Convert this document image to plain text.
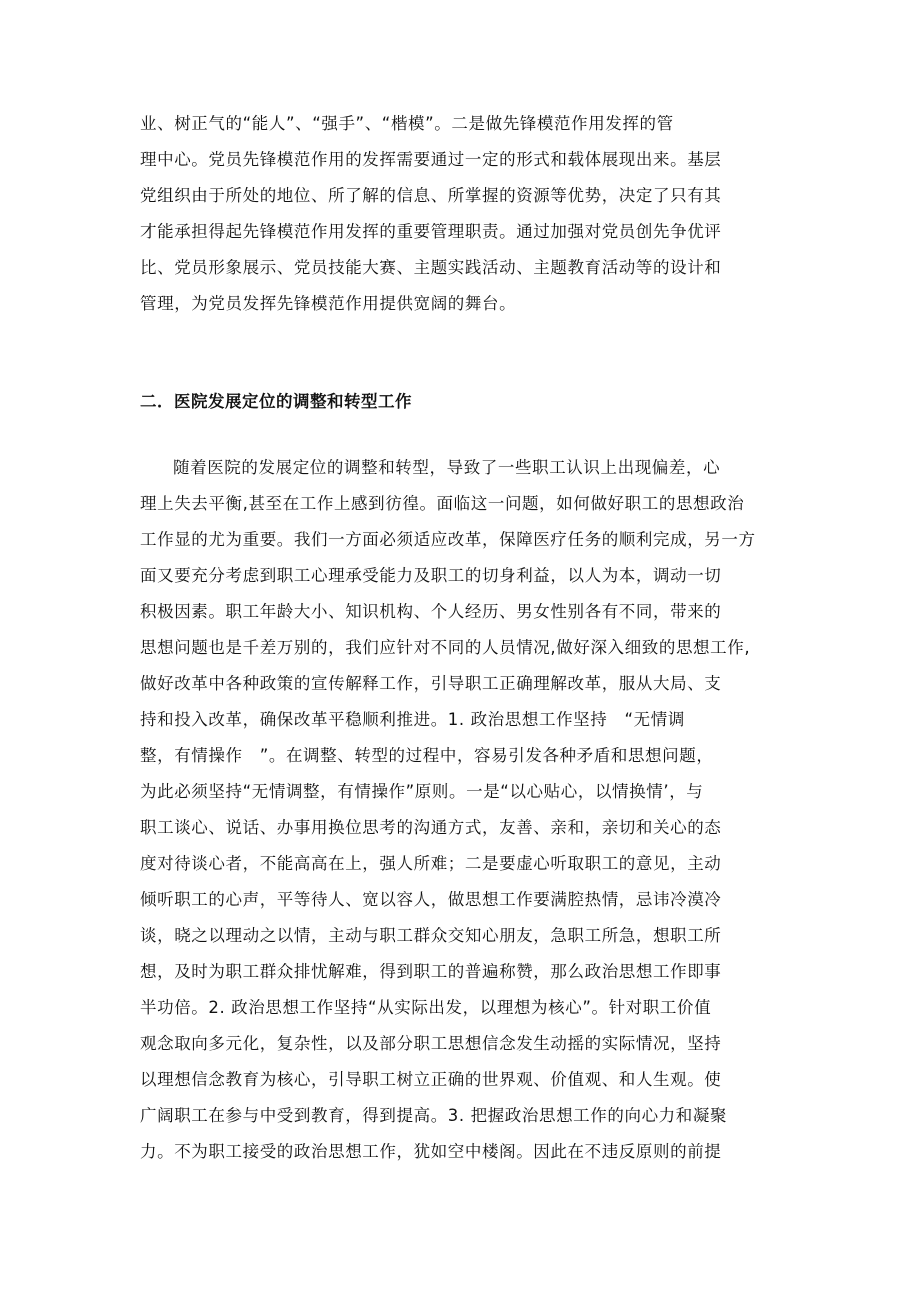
业、树正气的“能人”、“强手”、“楷模”。二是做先锋模范作用发挥的管
理中心。党员先锋模范作用的发挥需要通过一定的形式和载体展现出来。基层
党组织由于所处的地位、所了解的信息、所掌握的资源等优势，决定了只有其
才能承担得起先锋模范作用发挥的重要管理职责。通过加强对党员创先争优评
比、党员形象展示、党员技能大赛、主题实践活动、主题教育活动等的设计和
管理，为党员发挥先锋模范作用提供宽阔的舞台。
二．医院发展定位的调整和转型工作
随着医院的发展定位的调整和转型，导致了一些职工认识上出现偏差，心
理上失去平衡,甚至在工作上感到彷徨。面临这一问题，如何做好职工的思想政治
工作显的尤为重要。我们一方面必须适应改革，保障医疗任务的顺利完成，另一方
面又要充分考虑到职工心理承受能力及职工的切身利益，以人为本，调动一切
积极因素。职工年龄大小、知识机构、个人经历、男女性别各有不同，带来的
思想问题也是千差万别的，我们应针对不同的人员情况,做好深入细致的思想工作,
做好改革中各种政策的宣传解释工作，引导职工正确理解改革，服从大局、支
持和投入改革，确保改革平稳顺利推进。1. 政治思想工作坚持　“无情调
整，有情操作　”。在调整、转型的过程中，容易引发各种矛盾和思想问题，
为此必须坚持“无情调整，有情操作”原则。一是“以心贴心，以情换情’，与
职工谈心、说话、办事用换位思考的沟通方式，友善、亲和，亲切和关心的态
度对待谈心者，不能高高在上，强人所难；二是要虚心听取职工的意见，主动
倾听职工的心声，平等待人、宽以容人，做思想工作要满腔热情，忌讳冷漠冷
谈，晓之以理动之以情，主动与职工群众交知心朋友，急职工所急，想职工所
想，及时为职工群众排忧解难，得到职工的普遍称赞，那么政治思想工作即事
半功倍。2. 政治思想工作坚持“从实际出发，以理想为核心”。针对职工价值
观念取向多元化，复杂性，以及部分职工思想信念发生动摇的实际情况，坚持
以理想信念教育为核心，引导职工树立正确的世界观、价值观、和人生观。使
广阔职工在参与中受到教育，得到提高。3. 把握政治思想工作的向心力和凝聚
力。不为职工接受的政治思想工作，犹如空中楼阁。因此在不违反原则的前提
